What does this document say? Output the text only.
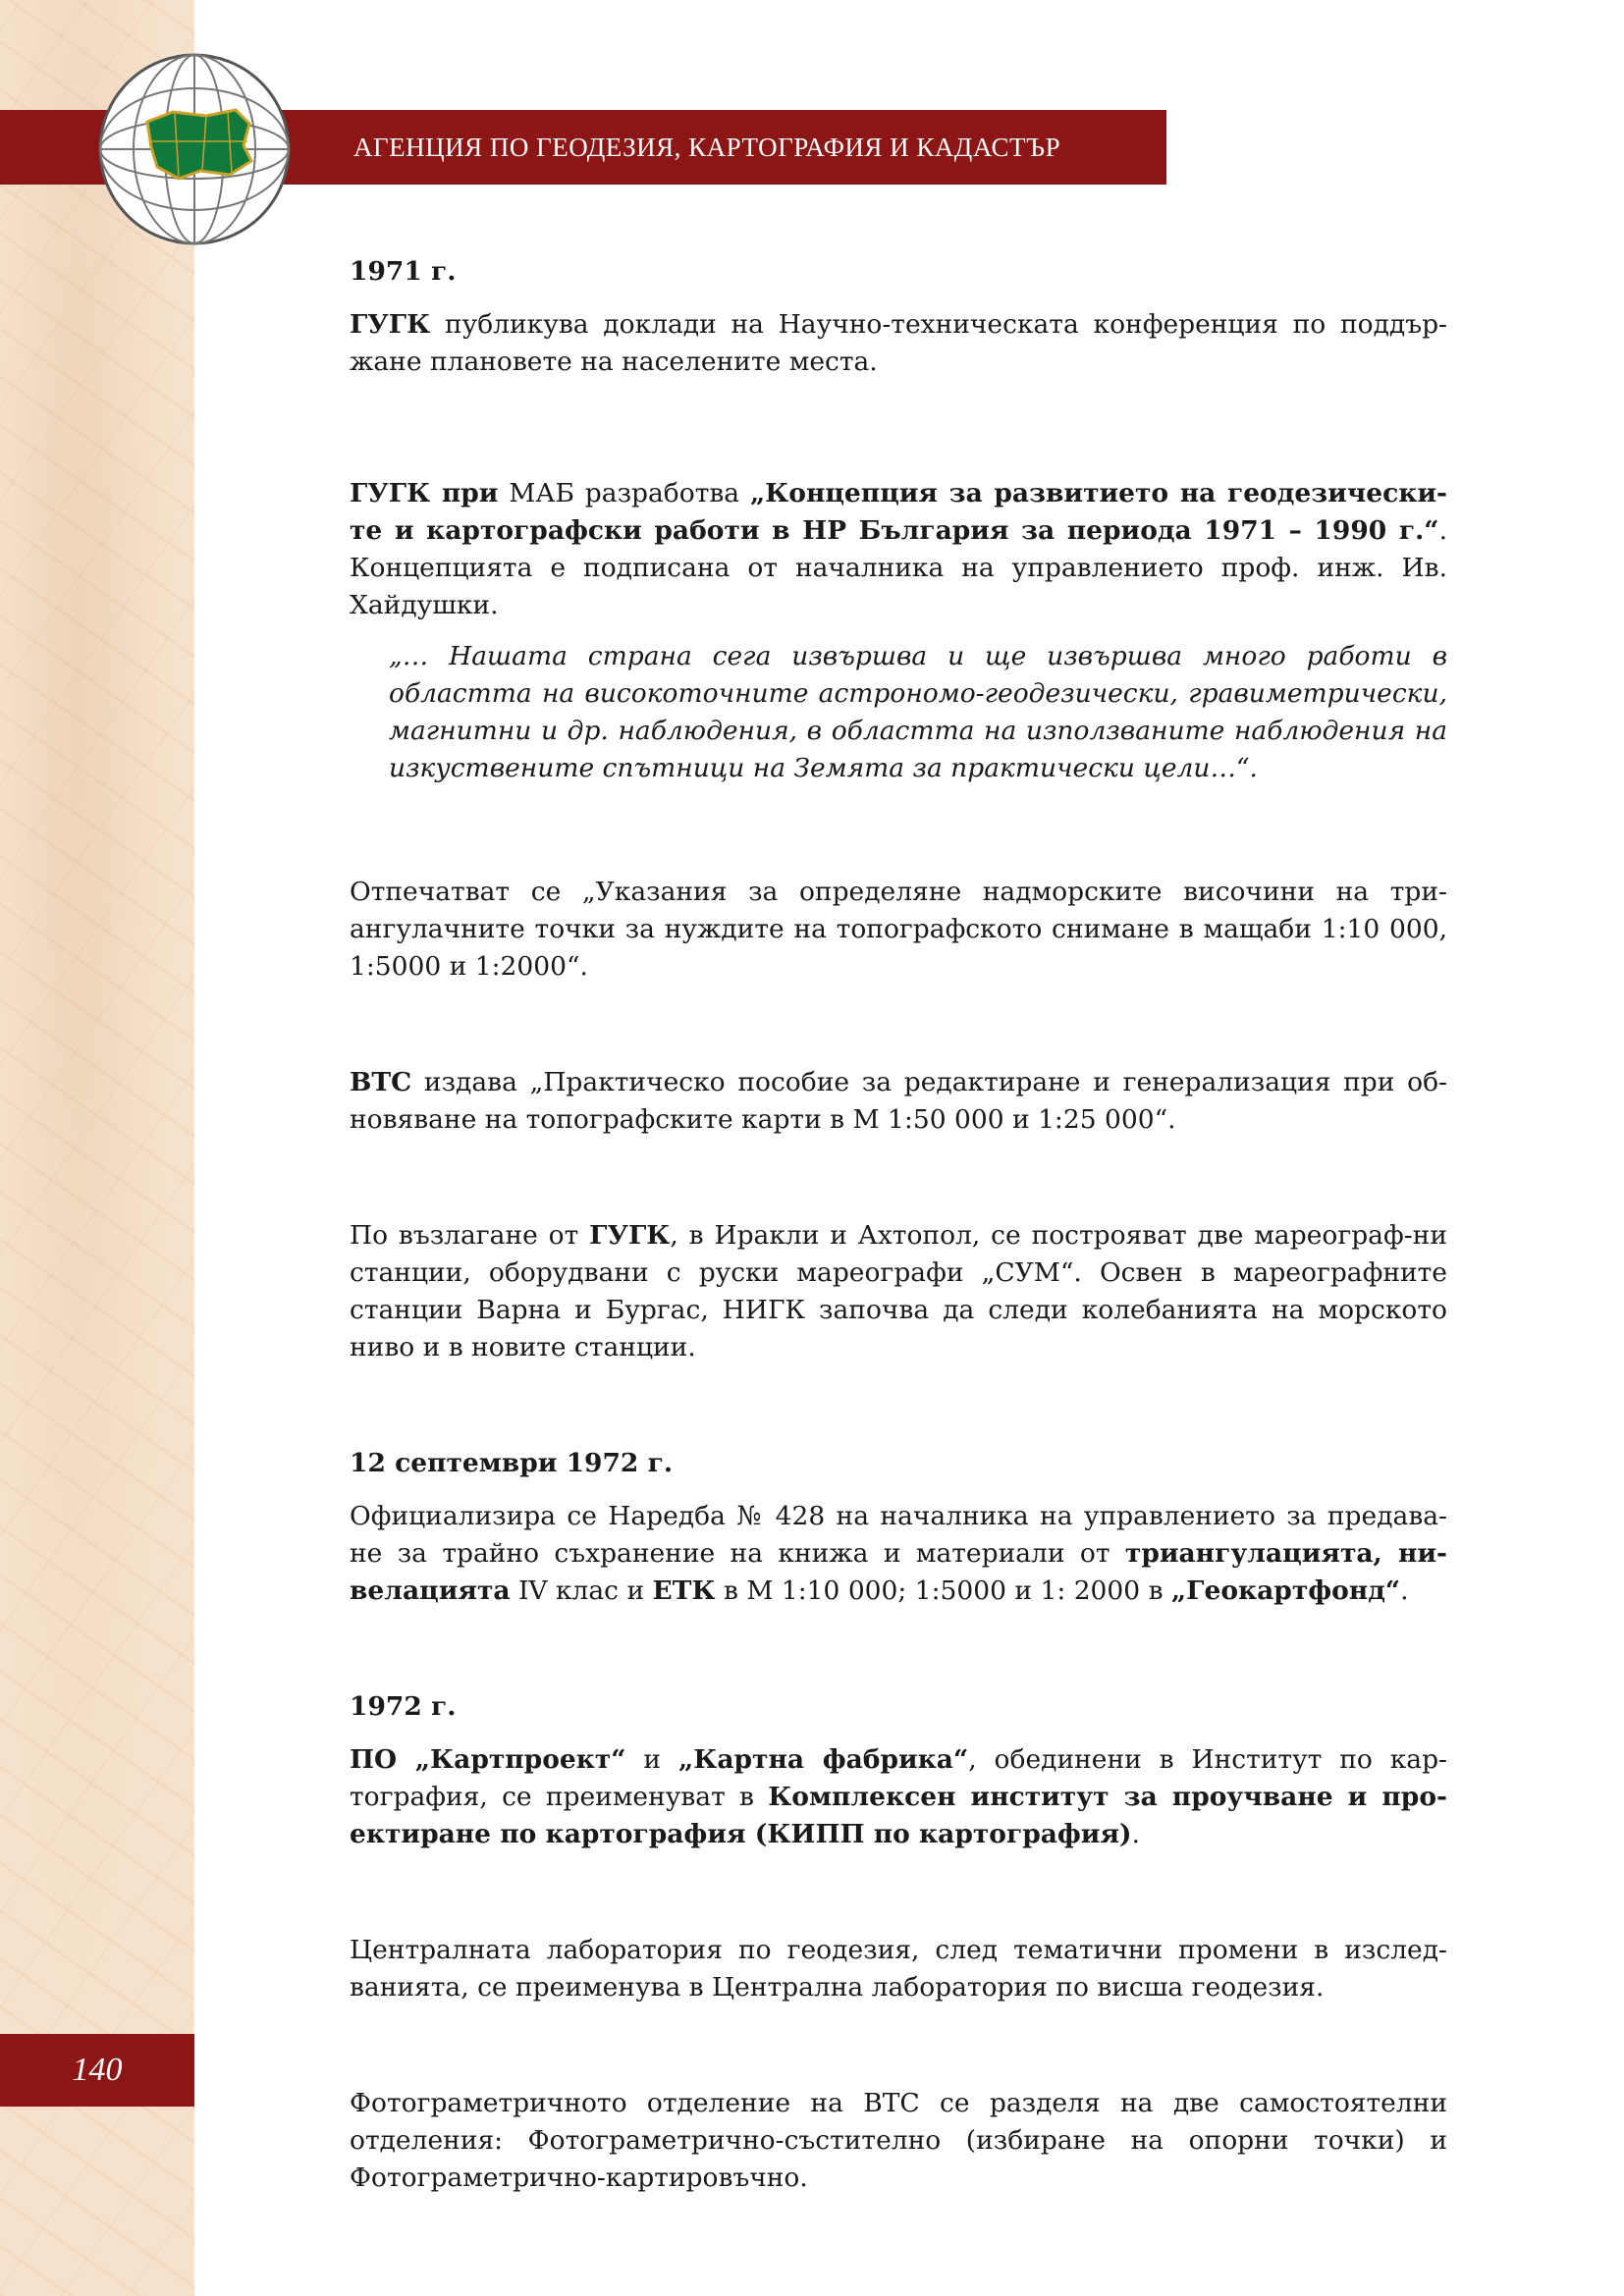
АГЕНЦИЯ ПО ГЕОДЕЗИЯ, КАРТОГРАФИЯ И КАДАСТЪР
140

1971 г.

ГУГК публикува доклади на Научно-техническата конференция по поддър-жане плановете на населените места.

ГУГК при МАБ разработва „Концепция за развитието на геодезически-те и картографски работи в НР България за периода 1971 – 1990 г.“. Концепцията е подписана от началника на управлението проф. инж. Ив. Хайдушки.

„… Нашата страна сега извършва и ще извършва много работи в областта на високоточните астрономо-геодезически, гравиметрически, магнитни и др. наблюдения, в областта на използваните наблюдения на изкуствените спътници на Земята за практически цели…“.

Отпечатват се „Указания за определяне надморските височини на три-ангулачните точки за нуждите на топографското снимане в мащаби 1:10 000, 1:5000 и 1:2000“.

ВТС издава „Практическо пособие за редактиране и генерализация при об-новяване на топографските карти в М 1:50 000 и 1:25 000“.

По възлагане от ГУГК, в Иракли и Ахтопол, се построяват две мареограф-ни станции, оборудвани с руски мареографи „СУМ“. Освен в мареографните станции Варна и Бургас, НИГК започва да следи колебанията на морското ниво и в новите станции.

12 септември 1972 г.

Официализира се Наредба № 428 на началника на управлението за предава-не за трайно съхранение на книжа и материали от триангулацията, ни-велацията IV клас и ЕТК в М 1:10 000; 1:5000 и 1: 2000 в „Геокартфонд“.

1972 г.

ПО „Картпроект“ и „Картна фабрика“, обединени в Институт по кар-тография, се преименуват в Комплексен институт за проучване и про-ектиране по картография (КИПП по картография).

Централната лаборатория по геодезия, след тематични промени в изслед-ванията, се преименува в Централна лаборатория по висша геодезия.

Фотограметричното отделение на ВТС се разделя на две самостоятелни отделения: Фотограметрично-състително (избиране на опорни точки) и Фотограметрично-картировъчно.
